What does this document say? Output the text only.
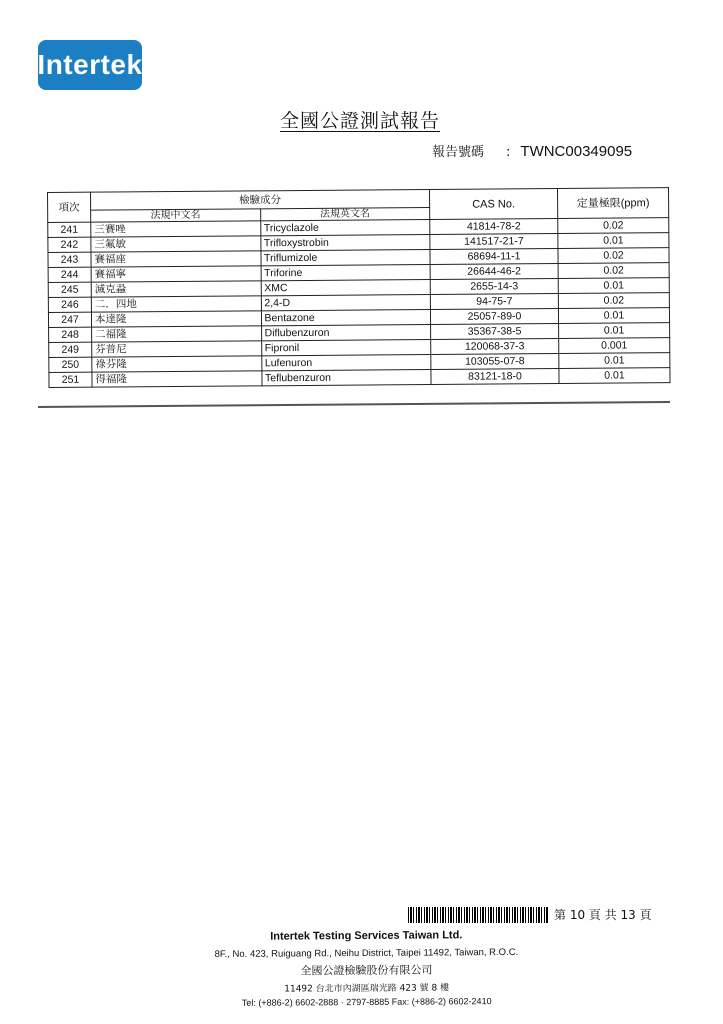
Intertek
全國公證測試報告
報告號碼 : TWNC00349095
項次	檢驗成分		CAS No.	定量極限(ppm)
	法規中文名	法規英文名		
241	三賽唑	Tricyclazole	41814-78-2	0.02
242	三氟敏	Trifloxystrobin	141517-21-7	0.01
243	賽福座	Triflumizole	68694-11-1	0.02
244	賽福寧	Triforine	26644-46-2	0.02
245	滅克蝨	XMC	2655-14-3	0.01
246	二．四地	2,4-D	94-75-7	0.02
247	本達隆	Bentazone	25057-89-0	0.01
248	二福隆	Diflubenzuron	35367-38-5	0.01
249	芬普尼	Fipronil	120068-37-3	0.001
250	祿芬隆	Lufenuron	103055-07-8	0.01
251	得福隆	Teflubenzuron	83121-18-0	0.01
第 10 頁 共 13 頁
Intertek Testing Services Taiwan Ltd.
8F., No. 423, Ruiguang Rd., Neihu District, Taipei 11492, Taiwan, R.O.C.
全國公證檢驗股份有限公司
11492 台北市內湖區瑞光路 423 號 8 樓
Tel: (+886-2) 6602-2888 · 2797-8885 Fax: (+886-2) 6602-2410
